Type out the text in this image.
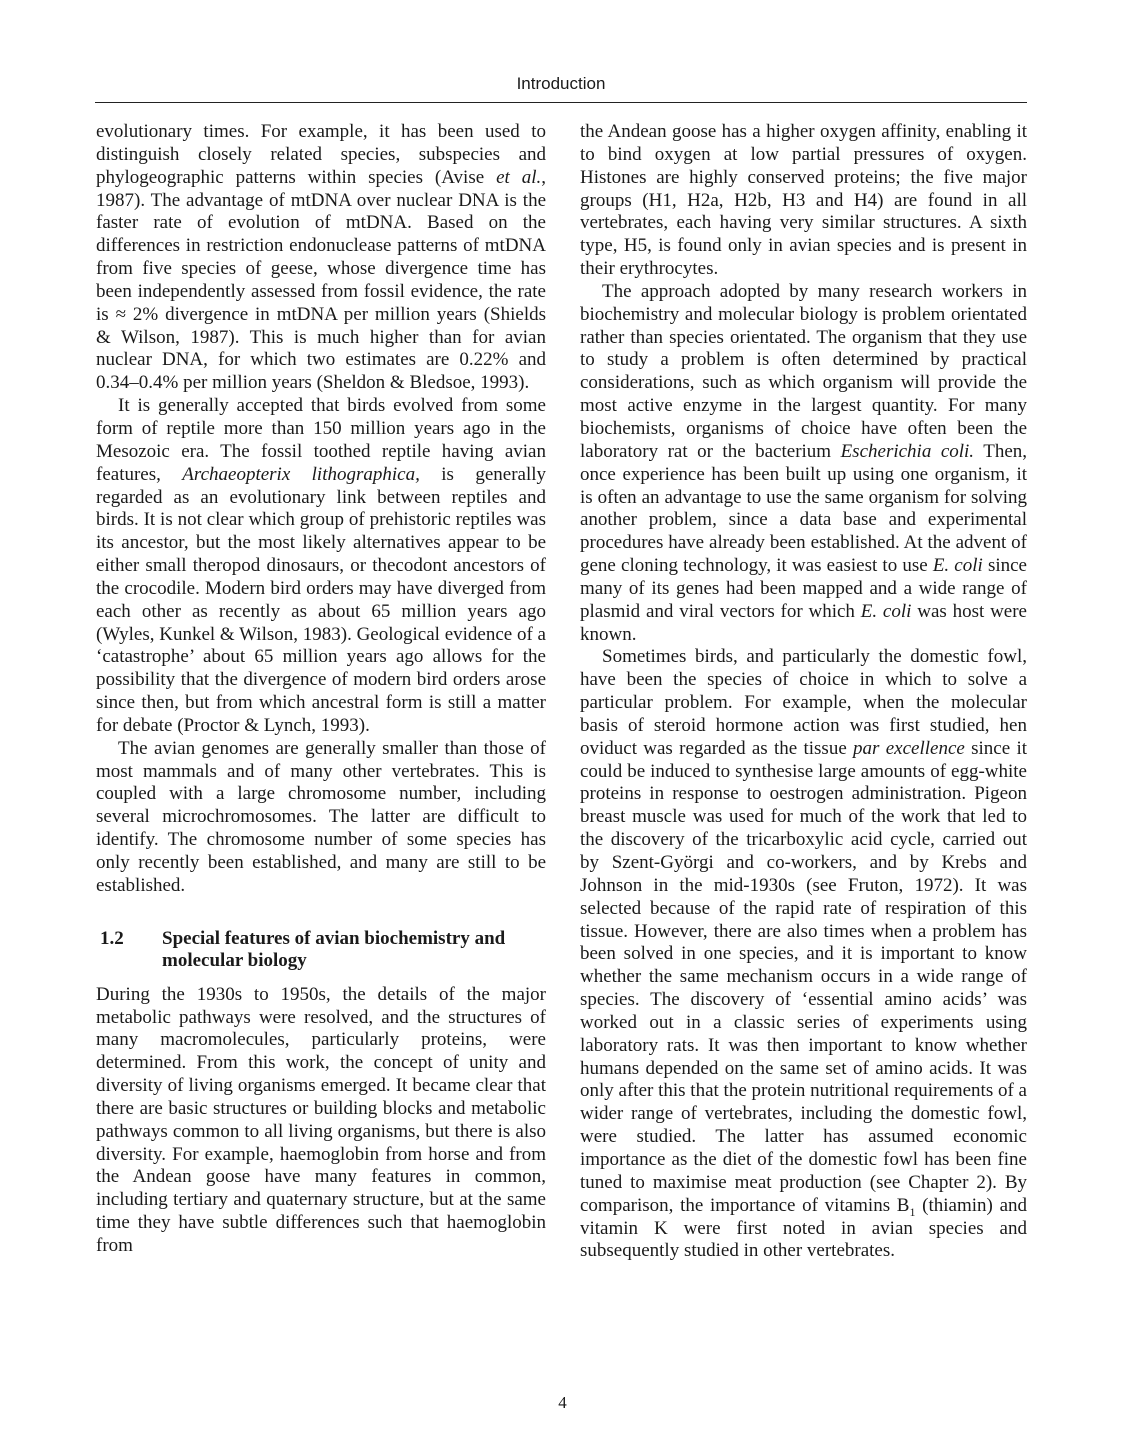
Introduction

evolutionary times. For example, it has been used to distinguish closely related species, subspecies and phylogeographic patterns within species (Avise et al., 1987). The advantage of mtDNA over nuclear DNA is the faster rate of evolution of mtDNA. Based on the differences in restriction endonuclease patterns of mtDNA from five species of geese, whose divergence time has been independently assessed from fossil evidence, the rate is ≈ 2% divergence in mtDNA per million years (Shields & Wilson, 1987). This is much higher than for avian nuclear DNA, for which two estimates are 0.22% and 0.34–0.4% per million years (Sheldon & Bledsoe, 1993).

It is generally accepted that birds evolved from some form of reptile more than 150 million years ago in the Mesozoic era. The fossil toothed reptile having avian features, Archaeopterix lithographica, is generally regarded as an evolutionary link between reptiles and birds. It is not clear which group of prehistoric reptiles was its ancestor, but the most likely alternatives appear to be either small theropod dinosaurs, or thecodont ancestors of the crocodile. Modern bird orders may have diverged from each other as recently as about 65 million years ago (Wyles, Kunkel & Wilson, 1983). Geological evidence of a ‘catastrophe’ about 65 million years ago allows for the possibility that the divergence of modern bird orders arose since then, but from which ancestral form is still a matter for debate (Proctor & Lynch, 1993).

The avian genomes are generally smaller than those of most mammals and of many other vertebrates. This is coupled with a large chromosome number, including several microchromosomes. The latter are difficult to identify. The chromosome number of some species has only recently been established, and many are still to be established.

1.2	Special features of avian biochemistry and molecular biology

During the 1930s to 1950s, the details of the major metabolic pathways were resolved, and the structures of many macromolecules, particularly proteins, were determined. From this work, the concept of unity and diversity of living organisms emerged. It became clear that there are basic structures or building blocks and metabolic pathways common to all living organisms, but there is also diversity. For example, haemoglobin from horse and from the Andean goose have many features in common, including tertiary and quaternary structure, but at the same time they have subtle differences such that haemoglobin from

the Andean goose has a higher oxygen affinity, enabling it to bind oxygen at low partial pressures of oxygen. Histones are highly conserved proteins; the five major groups (H1, H2a, H2b, H3 and H4) are found in all vertebrates, each having very similar structures. A sixth type, H5, is found only in avian species and is present in their erythrocytes.

The approach adopted by many research workers in biochemistry and molecular biology is problem orientated rather than species orientated. The organism that they use to study a problem is often determined by practical considerations, such as which organism will provide the most active enzyme in the largest quantity. For many biochemists, organisms of choice have often been the laboratory rat or the bacterium Escherichia coli. Then, once experience has been built up using one organism, it is often an advantage to use the same organism for solving another problem, since a data base and experimental procedures have already been established. At the advent of gene cloning technology, it was easiest to use E. coli since many of its genes had been mapped and a wide range of plasmid and viral vectors for which E. coli was host were known.

Sometimes birds, and particularly the domestic fowl, have been the species of choice in which to solve a particular problem. For example, when the molecular basis of steroid hormone action was first studied, hen oviduct was regarded as the tissue par excellence since it could be induced to synthesise large amounts of egg-white proteins in response to oestrogen administration. Pigeon breast muscle was used for much of the work that led to the discovery of the tricarboxylic acid cycle, carried out by Szent-Györgi and co-workers, and by Krebs and Johnson in the mid-1930s (see Fruton, 1972). It was selected because of the rapid rate of respiration of this tissue. However, there are also times when a problem has been solved in one species, and it is important to know whether the same mechanism occurs in a wide range of species. The discovery of ‘essential amino acids’ was worked out in a classic series of experiments using laboratory rats. It was then important to know whether humans depended on the same set of amino acids. It was only after this that the protein nutritional requirements of a wider range of vertebrates, including the domestic fowl, were studied. The latter has assumed economic importance as the diet of the domestic fowl has been fine tuned to maximise meat production (see Chapter 2). By comparison, the importance of vitamins $B_1$ (thiamin) and vitamin K were first noted in avian species and subsequently studied in other vertebrates.

4
